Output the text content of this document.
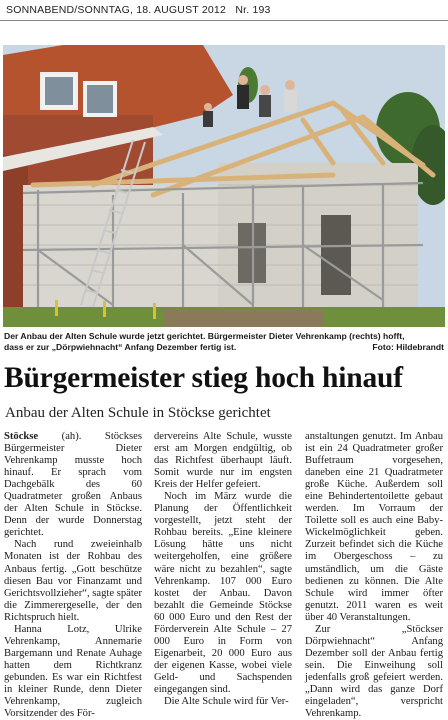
SONNABEND/SONNTAG, 18. AUGUST 2012 Nr. 193
Der Anbau der Alten Schule wurde jetzt gerichtet. Bürgermeister Dieter Vehrenkamp (rechts) hofft,
dass er zur „Dörpwiehnacht“ Anfang Dezember fertig ist.	Foto: Hildebrandt
Bürgermeister stieg hoch hinauf
Anbau der Alten Schule in Stöckse gerichtet

Stöckse (ah). Stöckses Bürgermeister Dieter Vehrenkamp musste hoch hinauf. Er sprach vom Dachgebälk des 60 Quadratmeter großen Anbaus der Alten Schule in Stöckse. Denn der wurde Donnerstag gerichtet.

Nach rund zweieinhalb Monaten ist der Rohbau des Anbaus fertig. „Gott beschütze diesen Bau vor Finanzamt und Gerichtsvollzieher“, sagte später die Zimmerergeselle, der den Richtspruch hielt.

Hanna Lotz, Ulrike Vehrenkamp, Annemarie Bargemann und Renate Auhage hatten dem Richtkranz gebunden. Es war ein Richtfest in kleiner Runde, denn Dieter Vehrenkamp, zugleich Vorsitzender des För-

dervereins Alte Schule, wusste erst am Morgen endgültig, ob das Richtfest überhaupt läuft. Somit wurde nur im engsten Kreis der Helfer gefeiert.

Noch im März wurde die Planung der Öffentlichkeit vorgestellt, jetzt steht der Rohbau bereits. „Eine kleinere Lösung hätte uns nicht weitergeholfen, eine größere wäre nicht zu bezahlen“, sagte Vehrenkamp. 107 000 Euro kostet der Anbau. Davon bezahlt die Gemeinde Stöckse 60 000 Euro und den Rest der Förderverein Alte Schule – 27 000 Euro in Form von Eigenarbeit, 20 000 Euro aus der eigenen Kasse, wobei viele Geld- und Sachspenden eingegangen sind.

Die Alte Schule wird für Ver-

anstaltungen genutzt. Im Anbau ist ein 24 Quadratmeter großer Buffetraum vorgesehen, daneben eine 21 Quadratmeter große Küche. Außerdem soll eine Behindertentoilette gebaut werden. Im Vorraum der Toilette soll es auch eine Baby-Wickelmöglichkeit geben. Zurzeit befindet sich die Küche im Obergeschoss – zu umständlich, um die Gäste bedienen zu können. Die Alte Schule wird immer öfter genutzt. 2011 waren es weit über 40 Veranstaltungen.

Zur „Stöckser Dörpwiehnacht“ Anfang Dezember soll der Anbau fertig sein. Die Einweihung soll jedenfalls groß gefeiert werden. „Dann wird das ganze Dorf eingeladen“, verspricht Vehrenkamp.
